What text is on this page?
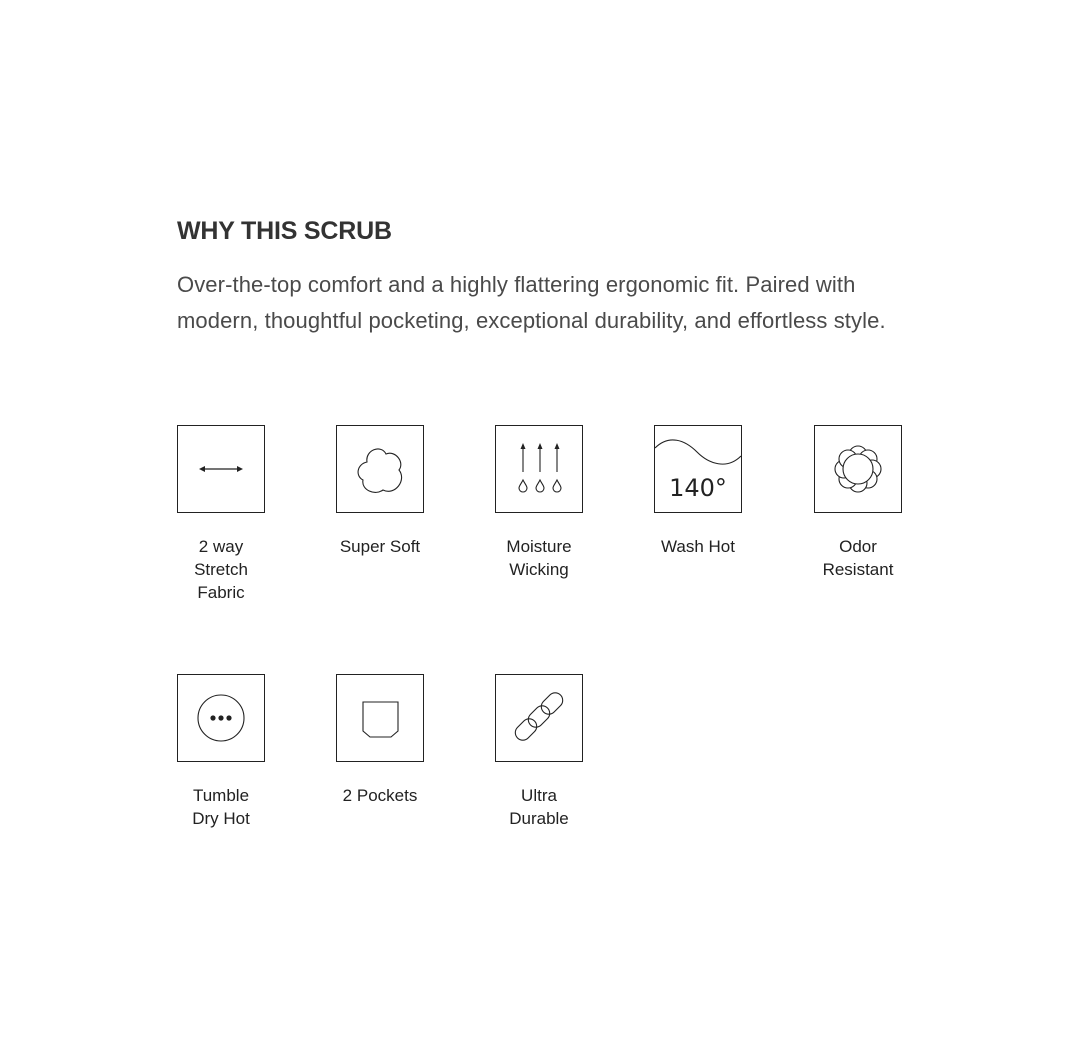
WHY THIS SCRUB

Over-the-top comfort and a highly flattering ergonomic fit. Paired with modern, thoughtful pocketing, exceptional durability, and effortless style.

2 way
Stretch
Fabric
Super Soft	Moisture
Wicking
140°
Wash Hot	Odor
Resistant
Tumble
Dry Hot
2 Pockets	Ultra
Durable
